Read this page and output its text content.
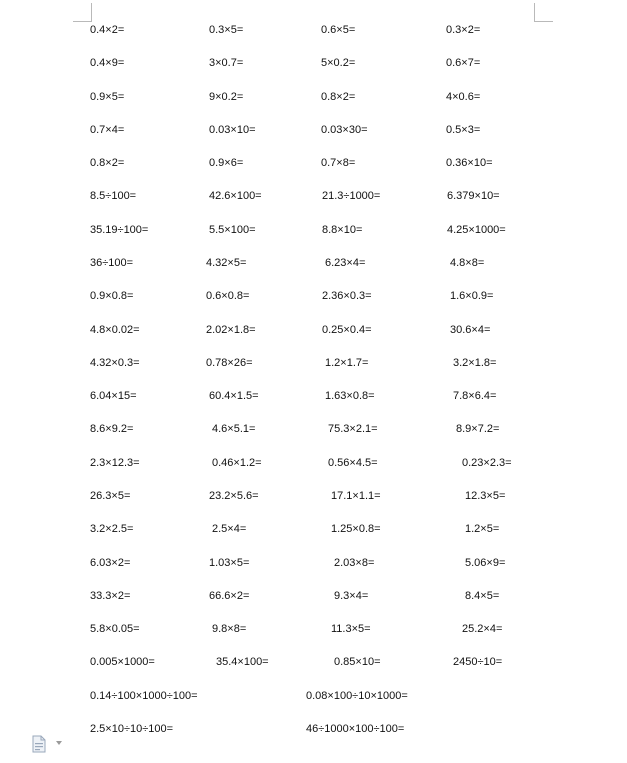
0.4×2=	0.3×5=	0.6×5=	0.3×2=
0.4×9=	3×0.7=	5×0.2=	0.6×7=
0.9×5=	9×0.2=	0.8×2=	4×0.6=
0.7×4=	0.03×10=	0.03×30=	0.5×3=
0.8×2=	0.9×6=	0.7×8=	0.36×10=
8.5÷100=	42.6×100=	21.3÷1000=	6.379×10=
35.19÷100=	5.5×100=	8.8×10=	4.25×1000=
36÷100=	4.32×5=	6.23×4=	4.8×8=
0.9×0.8=	0.6×0.8=	2.36×0.3=	1.6×0.9=
4.8×0.02=	2.02×1.8=	0.25×0.4=	30.6×4=
4.32×0.3=	0.78×26=	1.2×1.7=	3.2×1.8=
6.04×15=	60.4×1.5=	1.63×0.8=	7.8×6.4=
8.6×9.2=	4.6×5.1=	75.3×2.1=	8.9×7.2=
2.3×12.3=	0.46×1.2=	0.56×4.5=	0.23×2.3=
26.3×5=	23.2×5.6=	17.1×1.1=	12.3×5=
3.2×2.5=	2.5×4=	1.25×0.8=	1.2×5=
6.03×2=	1.03×5=	2.03×8=	5.06×9=
33.3×2=	66.6×2=	9.3×4=	8.4×5=
5.8×0.05=	9.8×8=	11.3×5=	25.2×4=
0.005×1000=	35.4×100=	0.85×10=	2450÷10=
0.14÷100×1000÷100=	0.08×100÷10×1000=
2.5×10÷10÷100=	46÷1000×100÷100=
